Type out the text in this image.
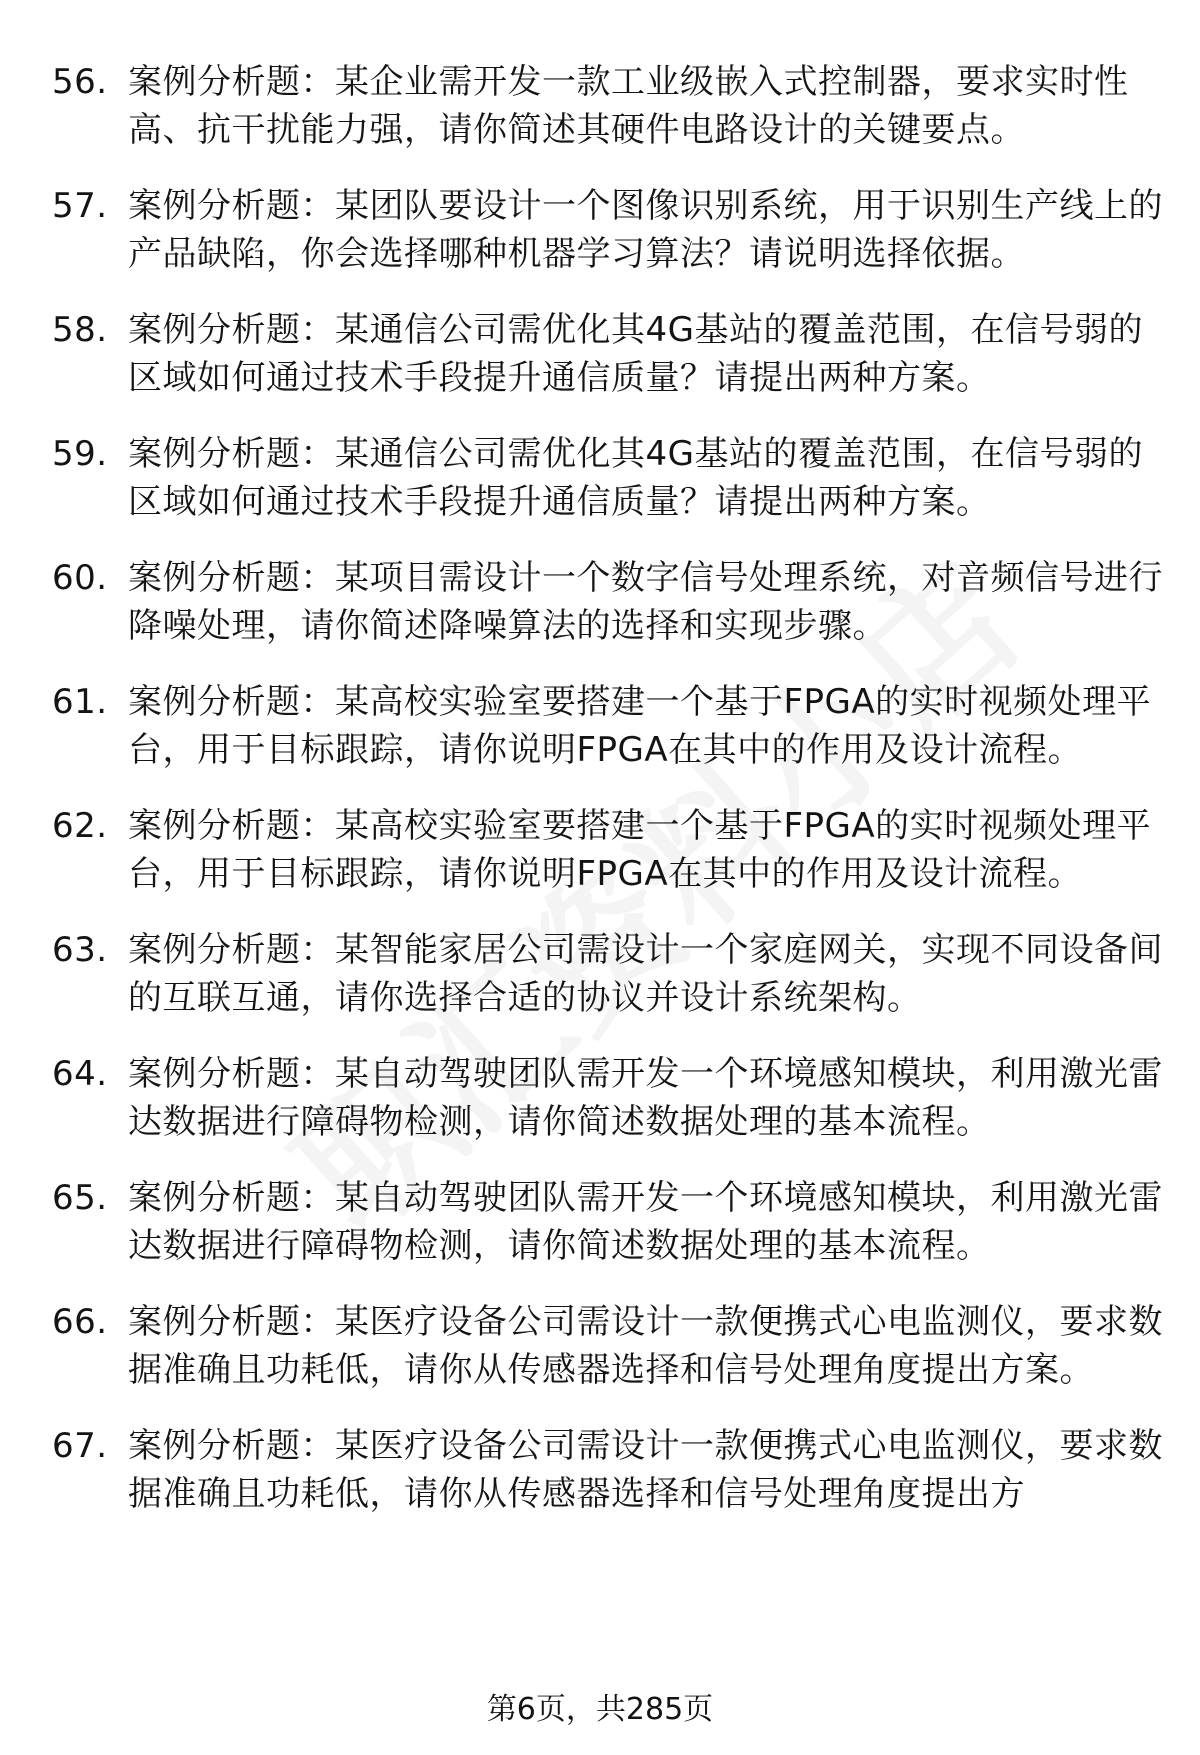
56. 案例分析题：某企业需开发一款工业级嵌入式控制器，要求实时性高、抗干扰能力强，请你简述其硬件电路设计的关键要点。
57. 案例分析题：某团队要设计一个图像识别系统，用于识别生产线上的产品缺陷，你会选择哪种机器学习算法？请说明选择依据。
58. 案例分析题：某通信公司需优化其4G基站的覆盖范围，在信号弱的区域如何通过技术手段提升通信质量？请提出两种方案。
59. 案例分析题：某通信公司需优化其4G基站的覆盖范围，在信号弱的区域如何通过技术手段提升通信质量？请提出两种方案。
60. 案例分析题：某项目需设计一个数字信号处理系统，对音频信号进行降噪处理，请你简述降噪算法的选择和实现步骤。
61. 案例分析题：某高校实验室要搭建一个基于FPGA的实时视频处理平台，用于目标跟踪，请你说明FPGA在其中的作用及设计流程。
62. 案例分析题：某高校实验室要搭建一个基于FPGA的实时视频处理平台，用于目标跟踪，请你说明FPGA在其中的作用及设计流程。
63. 案例分析题：某智能家居公司需设计一个家庭网关，实现不同设备间的互联互通，请你选择合适的协议并设计系统架构。
64. 案例分析题：某自动驾驶团队需开发一个环境感知模块，利用激光雷达数据进行障碍物检测，请你简述数据处理的基本流程。
65. 案例分析题：某自动驾驶团队需开发一个环境感知模块，利用激光雷达数据进行障碍物检测，请你简述数据处理的基本流程。
66. 案例分析题：某医疗设备公司需设计一款便携式心电监测仪，要求数据准确且功耗低，请你从传感器选择和信号处理角度提出方案。
67. 案例分析题：某医疗设备公司需设计一款便携式心电监测仪，要求数据准确且功耗低，请你从传感器选择和信号处理角度提出方
第6页，共285页
